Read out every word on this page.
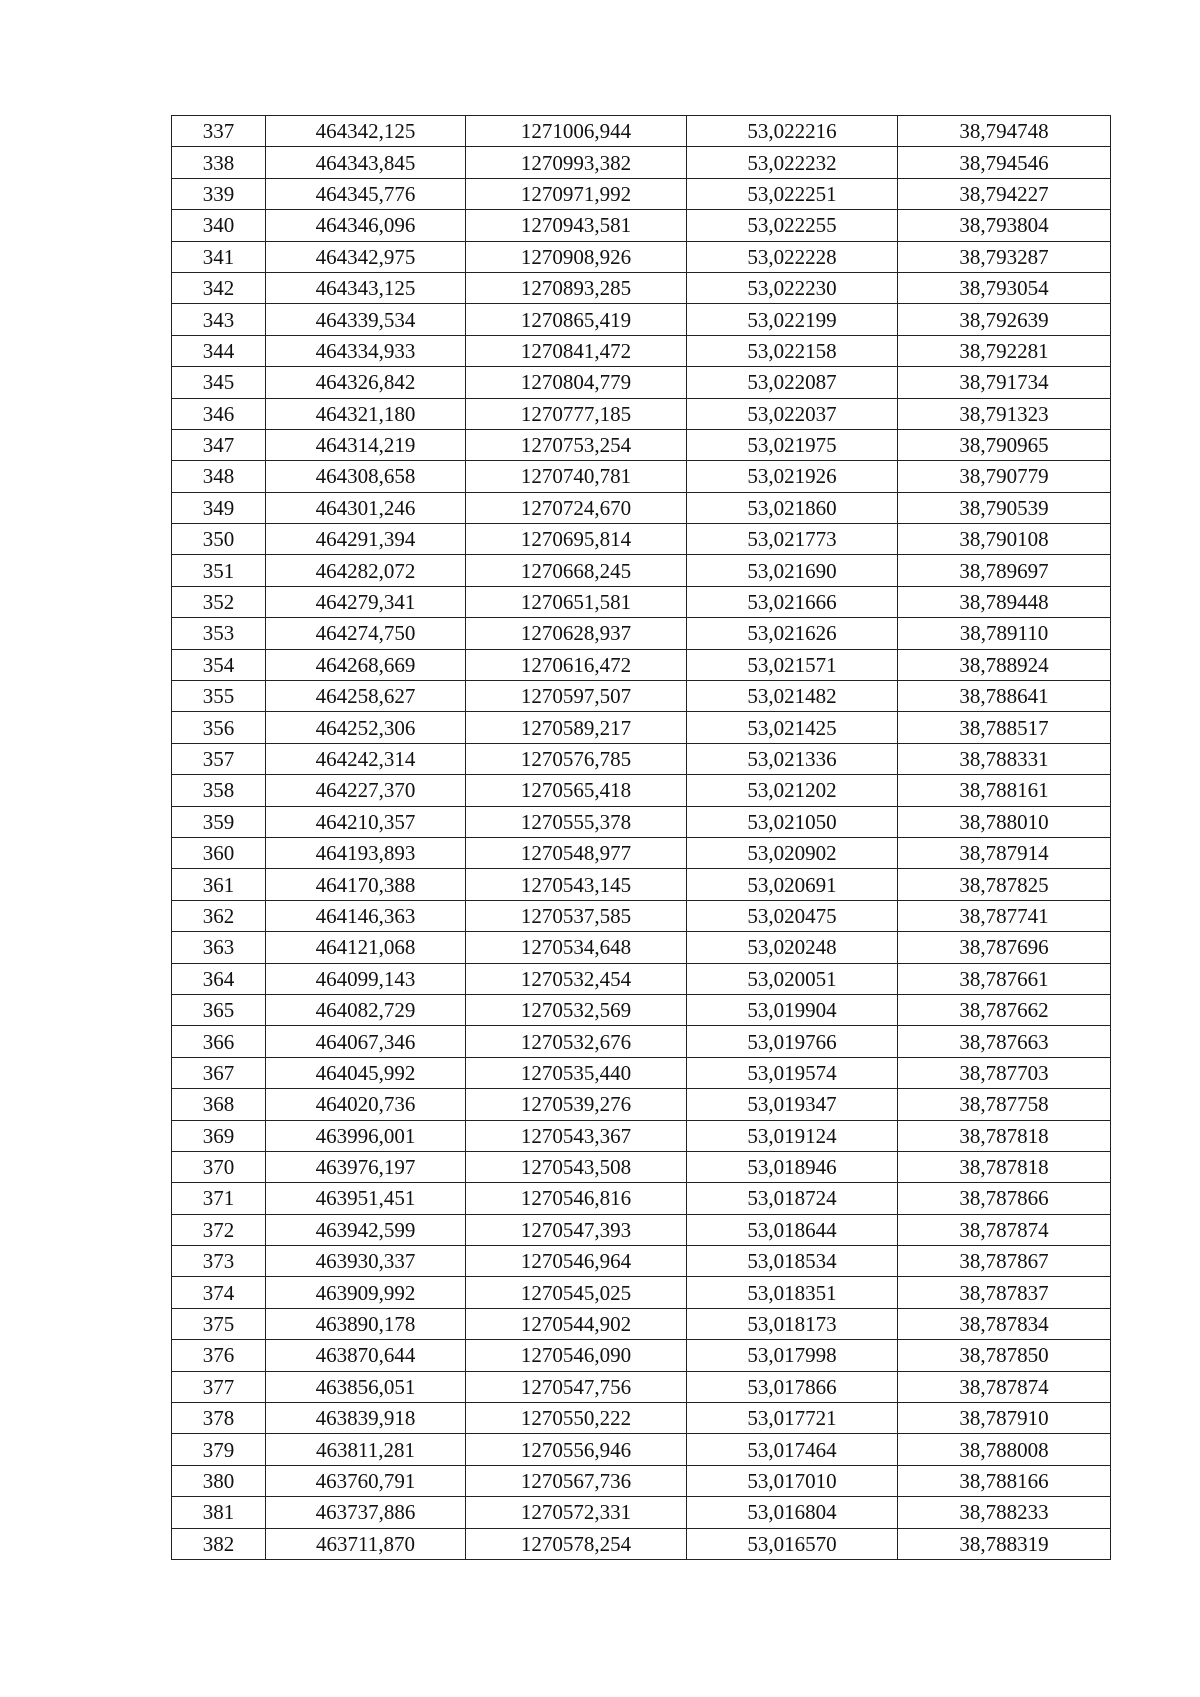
337	464342,125	1271006,944	53,022216	38,794748
338	464343,845	1270993,382	53,022232	38,794546
339	464345,776	1270971,992	53,022251	38,794227
340	464346,096	1270943,581	53,022255	38,793804
341	464342,975	1270908,926	53,022228	38,793287
342	464343,125	1270893,285	53,022230	38,793054
343	464339,534	1270865,419	53,022199	38,792639
344	464334,933	1270841,472	53,022158	38,792281
345	464326,842	1270804,779	53,022087	38,791734
346	464321,180	1270777,185	53,022037	38,791323
347	464314,219	1270753,254	53,021975	38,790965
348	464308,658	1270740,781	53,021926	38,790779
349	464301,246	1270724,670	53,021860	38,790539
350	464291,394	1270695,814	53,021773	38,790108
351	464282,072	1270668,245	53,021690	38,789697
352	464279,341	1270651,581	53,021666	38,789448
353	464274,750	1270628,937	53,021626	38,789110
354	464268,669	1270616,472	53,021571	38,788924
355	464258,627	1270597,507	53,021482	38,788641
356	464252,306	1270589,217	53,021425	38,788517
357	464242,314	1270576,785	53,021336	38,788331
358	464227,370	1270565,418	53,021202	38,788161
359	464210,357	1270555,378	53,021050	38,788010
360	464193,893	1270548,977	53,020902	38,787914
361	464170,388	1270543,145	53,020691	38,787825
362	464146,363	1270537,585	53,020475	38,787741
363	464121,068	1270534,648	53,020248	38,787696
364	464099,143	1270532,454	53,020051	38,787661
365	464082,729	1270532,569	53,019904	38,787662
366	464067,346	1270532,676	53,019766	38,787663
367	464045,992	1270535,440	53,019574	38,787703
368	464020,736	1270539,276	53,019347	38,787758
369	463996,001	1270543,367	53,019124	38,787818
370	463976,197	1270543,508	53,018946	38,787818
371	463951,451	1270546,816	53,018724	38,787866
372	463942,599	1270547,393	53,018644	38,787874
373	463930,337	1270546,964	53,018534	38,787867
374	463909,992	1270545,025	53,018351	38,787837
375	463890,178	1270544,902	53,018173	38,787834
376	463870,644	1270546,090	53,017998	38,787850
377	463856,051	1270547,756	53,017866	38,787874
378	463839,918	1270550,222	53,017721	38,787910
379	463811,281	1270556,946	53,017464	38,788008
380	463760,791	1270567,736	53,017010	38,788166
381	463737,886	1270572,331	53,016804	38,788233
382	463711,870	1270578,254	53,016570	38,788319
